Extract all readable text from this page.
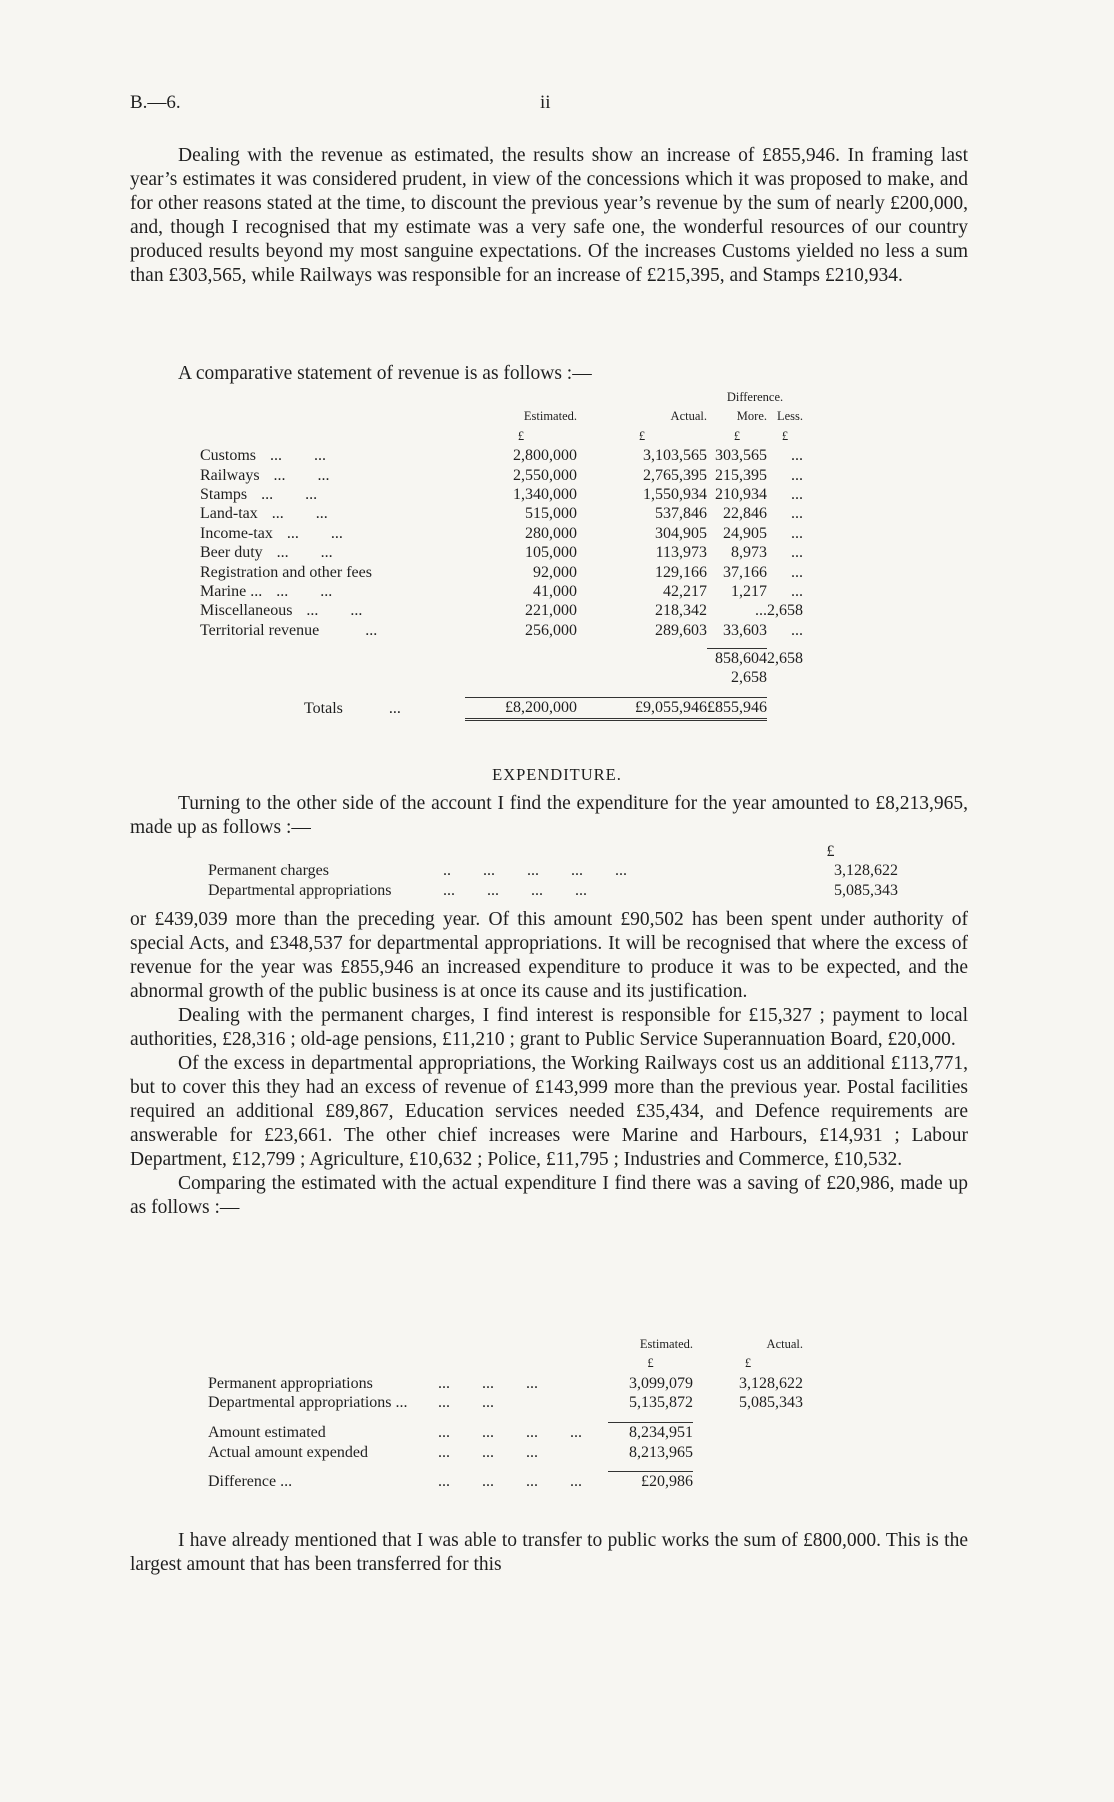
B.—6.	ii

Dealing with the revenue as estimated, the results show an increase of £855,946. In framing last year’s estimates it was considered prudent, in view of the concessions which it was proposed to make, and for other reasons stated at the time, to discount the previous year’s revenue by the sum of nearly £200,000, and, though I recognised that my estimate was a very safe one, the wonderful resources of our country produced results beyond my most sanguine expectations. Of the increases Customs yielded no less a sum than £303,565, while Railways was responsible for an increase of £215,395, and Stamps £210,934.

A comparative statement of revenue is as follows :—

			Difference.	
	Estimated.	Actual.	More.	Less.
	£	£	£	£
Customs ...        ...	2,800,000	3,103,565	303,565	...
Railways ...        ...	2,550,000	2,765,395	215,395	...
Stamps ...        ...	1,340,000	1,550,934	210,934	...
Land-tax ...        ...	515,000	537,846	22,846	...
Income-tax ...        ...	280,000	304,905	24,905	...
Beer duty ...        ...	105,000	113,973	8,973	...
Registration and other fees	92,000	129,166	37,166	...
Marine ... ...        ...	41,000	42,217	1,217	...
Miscellaneous ...        ...	221,000	218,342	...	2,658
Territorial revenue        ...	256,000	289,603	33,603	...

			858,604	2,658
			2,658	

Totals ...	£8,200,000	£9,055,946	£855,946	
EXPENDITURE.

Turning to the other side of the account I find the expenditure for the year amounted to £8,213,965, made up as follows :—

		£
Permanent charges	..        ...        ...        ...        ...	3,128,622
Departmental appropriations	...        ...        ...        ...	5,085,343

or £439,039 more than the preceding year. Of this amount £90,502 has been spent under authority of special Acts, and £348,537 for departmental appropriations. It will be recognised that where the excess of revenue for the year was £855,946 an increased expenditure to produce it was to be expected, and the abnormal growth of the public business is at once its cause and its justification.

Dealing with the permanent charges, I find interest is responsible for £15,327 ; payment to local authorities, £28,316 ; old-age pensions, £11,210 ; grant to Public Service Superannuation Board, £20,000.

Of the excess in departmental appropriations, the Working Railways cost us an additional £113,771, but to cover this they had an excess of revenue of £143,999 more than the previous year. Postal facilities required an additional £89,867, Education services needed £35,434, and Defence requirements are answerable for £23,661. The other chief increases were Marine and Harbours, £14,931 ; Labour Department, £12,799 ; Agriculture, £10,632 ; Police, £11,795 ; Industries and Commerce, £10,532.

Comparing the estimated with the actual expenditure I find there was a saving of £20,986, made up as follows :—

		Estimated.	Actual.
		£	£
Permanent appropriations	...        ...        ...	3,099,079	3,128,622
Departmental appropriations ...	...        ...	5,135,872	5,085,343

Amount estimated	...        ...        ...        ...	8,234,951	
Actual amount expended	...        ...        ...	8,213,965	

Difference ...	...        ...        ...        ...	£20,986	

I have already mentioned that I was able to transfer to public works the sum of £800,000. This is the largest amount that has been transferred for this
